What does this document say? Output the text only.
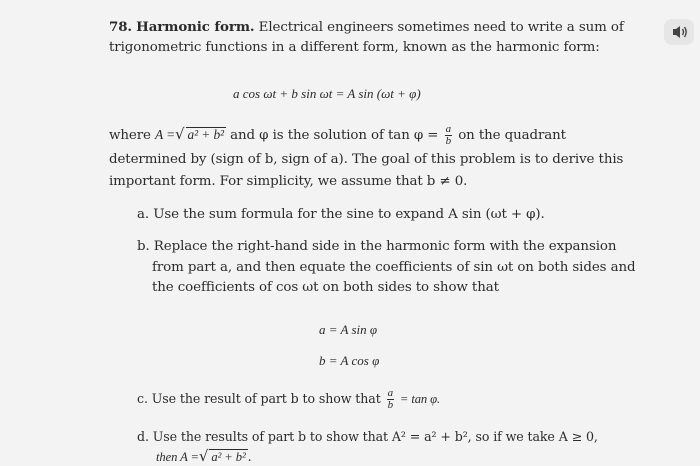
78. Harmonic form. Electrical engineers sometimes need to write a sum of
trigonometric functions in a different form, known as the harmonic form:
a cos ωt + b sin ωt = A sin (ωt + φ)
where A =√ a² + b² and φ is the solution of $\tan \varphi = \frac{a}{b}$ on the quadrant
determined by (sign of b, sign of a). The goal of this problem is to derive this
important form. For simplicity, we assume that b ≠ 0.
a. Use the sum formula for the sine to expand A sin (ωt + φ).
b. Replace the right-hand side in the harmonic form with the expansion
from part a, and then equate the coefficients of sin ωt on both sides and
the coefficients of cos ωt on both sides to show that
a = A sin φ
b = A cos φ
c. Use the result of part b to show that $\frac{a}{b} = \tan \varphi$.
d. Use the results of part b to show that A² = a² + b², so if we take A ≥ 0,
then A =√ a² + b² .
